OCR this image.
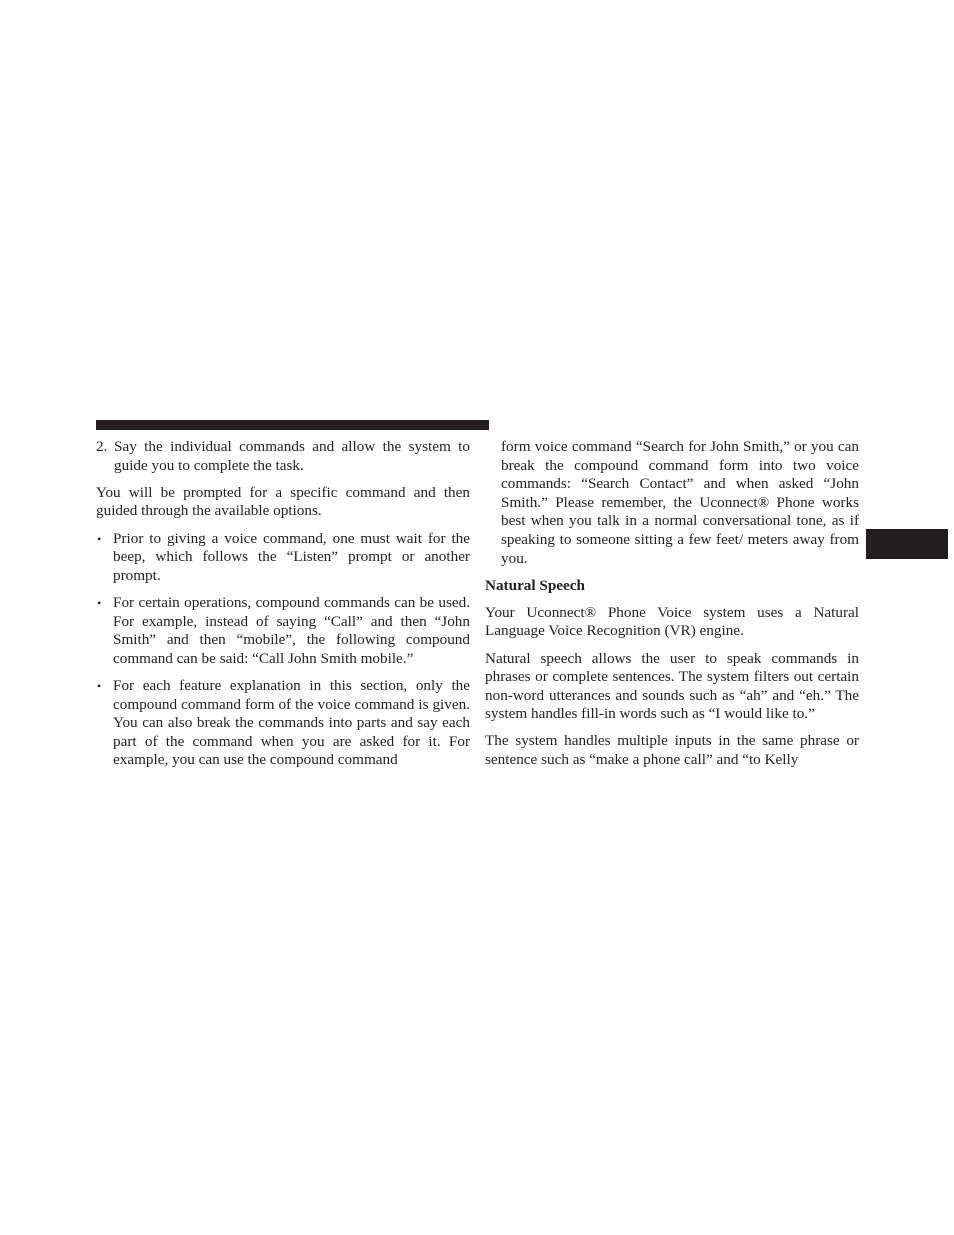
2. Say the individual commands and allow the system to guide you to complete the task.

You will be prompted for a specific command and then guided through the available options.

• Prior to giving a voice command, one must wait for the beep, which follows the “Listen” prompt or another prompt.
• For certain operations, compound commands can be used. For example, instead of saying “Call” and then “John Smith” and then “mobile”, the following compound command can be said: “Call John Smith mobile.”
• For each feature explanation in this section, only the compound command form of the voice command is given. You can also break the commands into parts and say each part of the command when you are asked for it. For example, you can use the compound command
form voice command “Search for John Smith,” or you can break the compound command form into two voice commands: “Search Contact” and when asked “John Smith.” Please remember, the Uconnect® Phone works best when you talk in a normal conversational tone, as if speaking to someone sitting a few feet/ meters away from you.
Natural Speech

Your Uconnect® Phone Voice system uses a Natural Language Voice Recognition (VR) engine.

Natural speech allows the user to speak commands in phrases or complete sentences. The system filters out certain non-word utterances and sounds such as “ah” and “eh.” The system handles fill-in words such as “I would like to.”

The system handles multiple inputs in the same phrase or sentence such as “make a phone call” and “to Kelly
